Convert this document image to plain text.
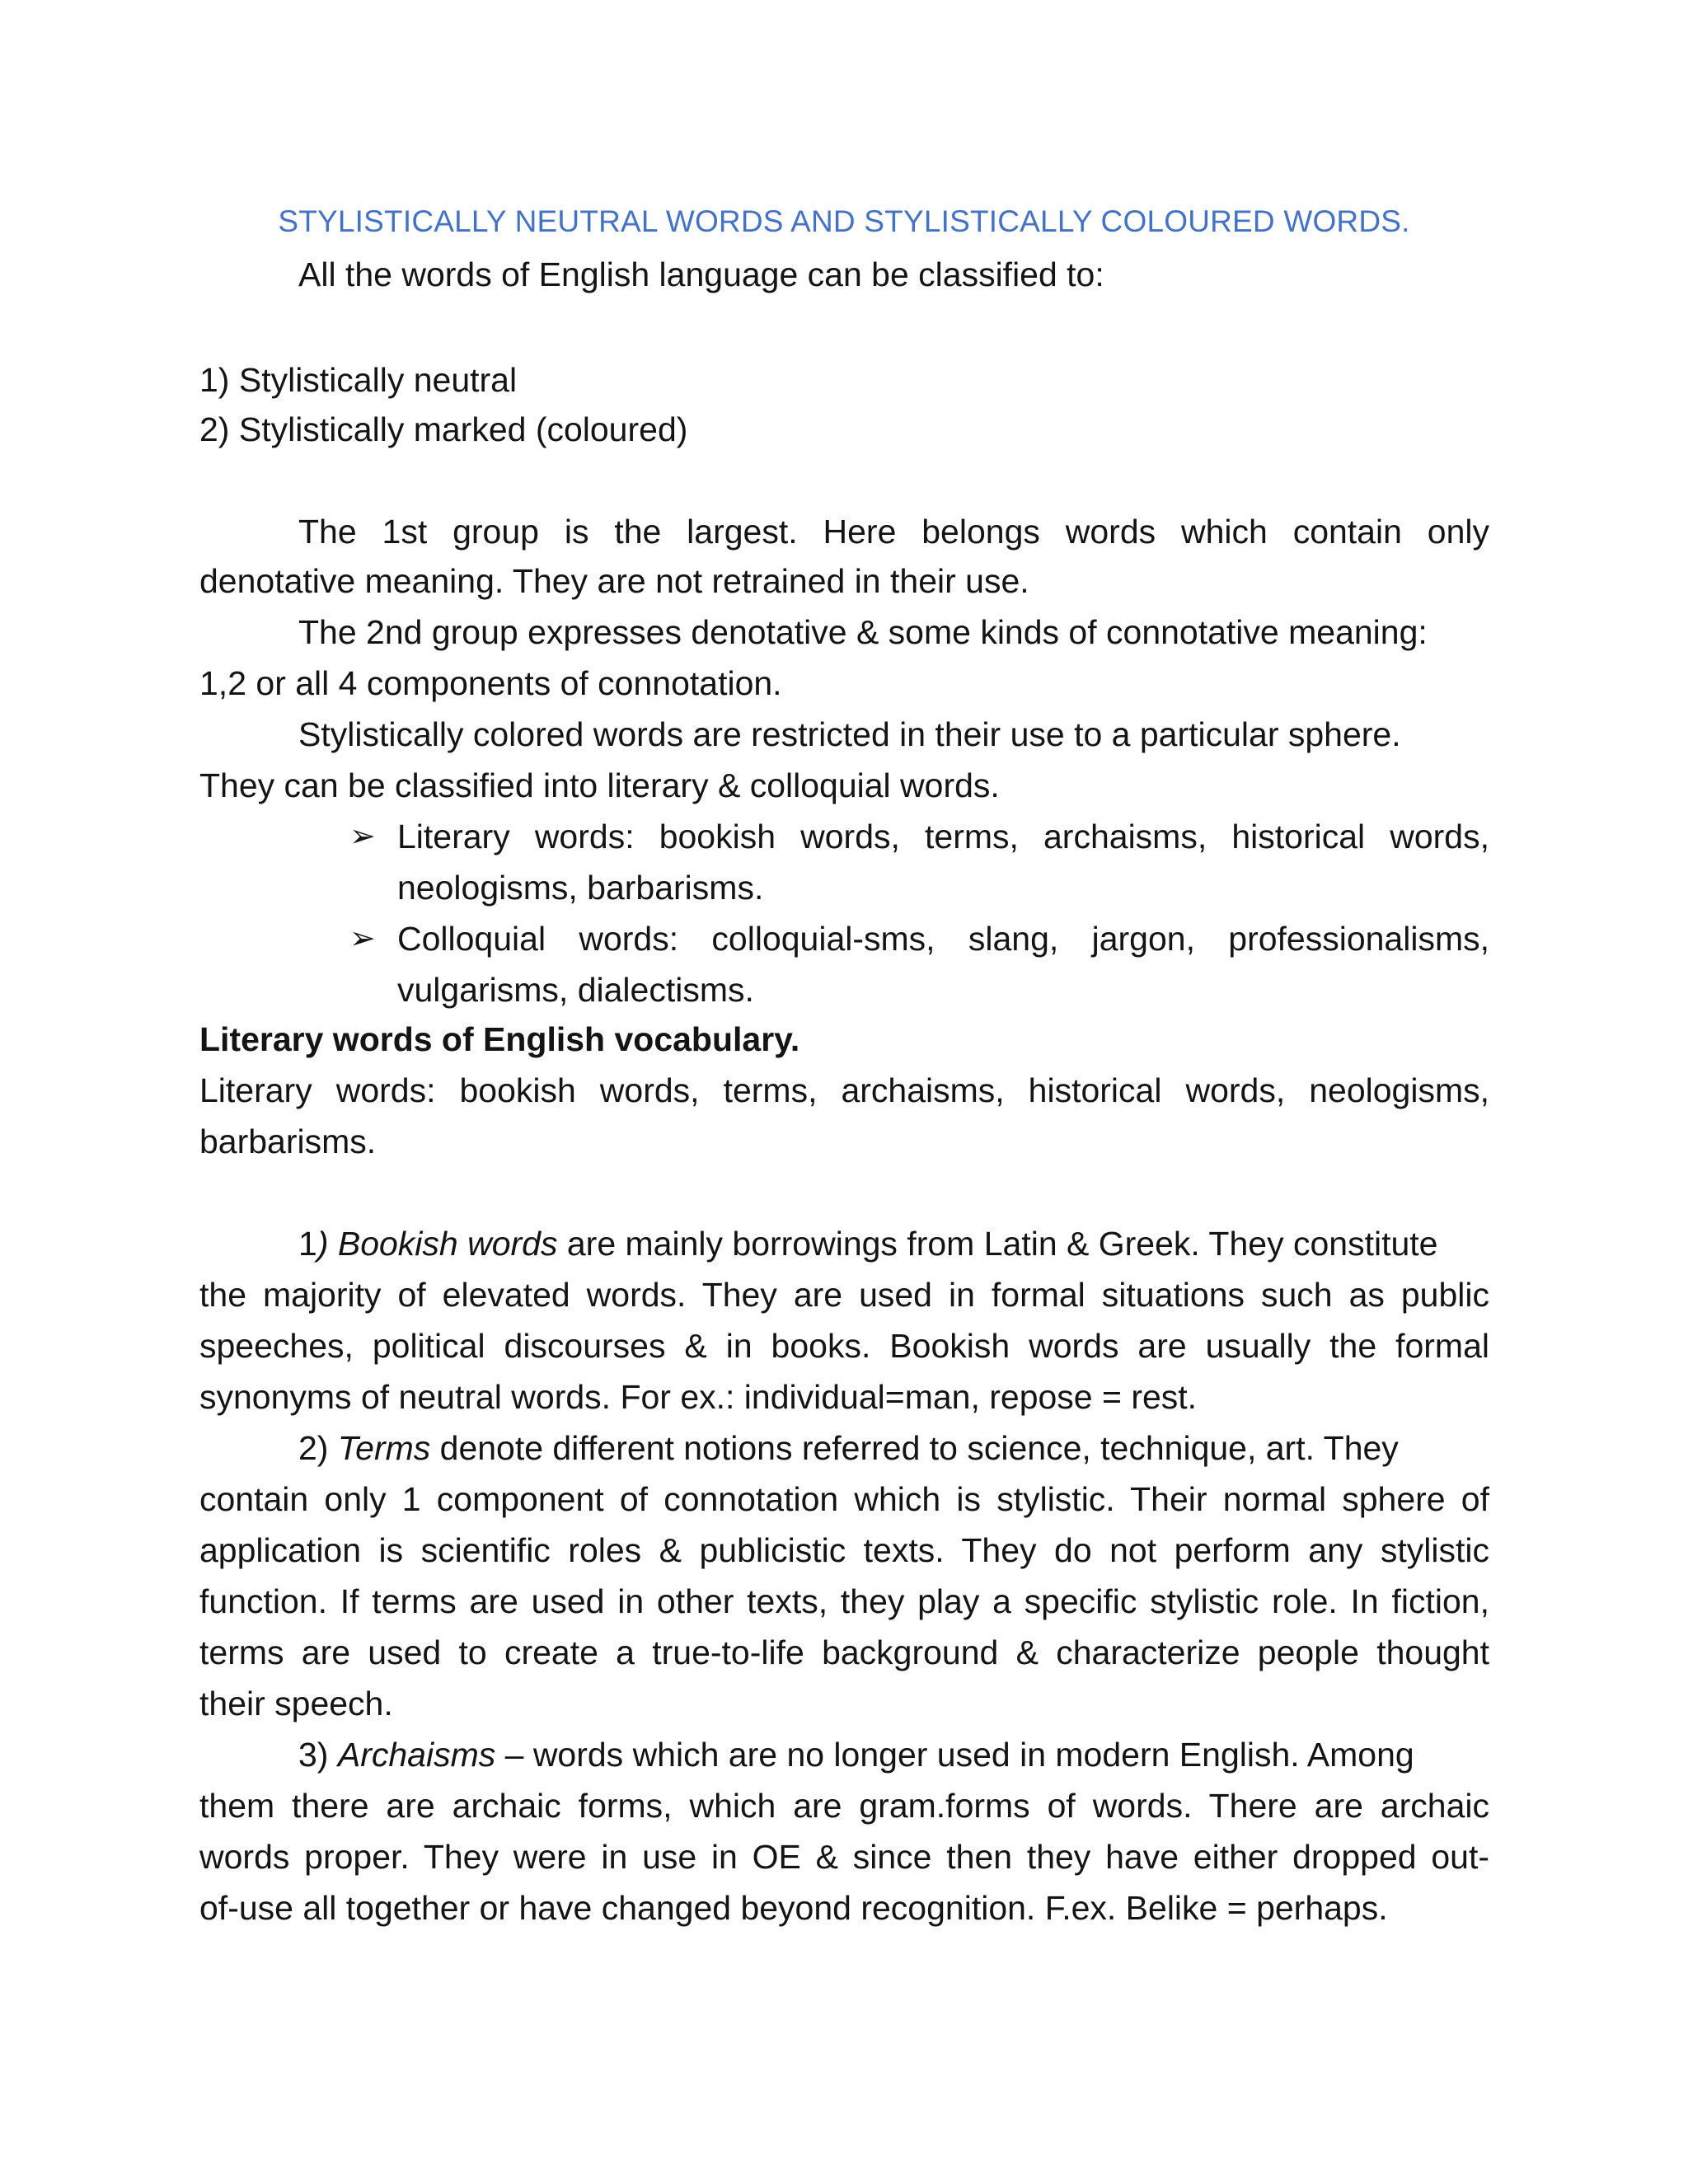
STYLISTICALLY NEUTRAL WORDS AND STYLISTICALLY COLOURED WORDS.
All the words of English language can be classified to:
1) Stylistically neutral
2) Stylistically marked (coloured)
The 1st group is the largest. Here belongs words which contain only
denotative meaning. They are not retrained in their use.
The 2nd group expresses denotative & some kinds of connotative meaning:
1,2 or all 4 components of connotation.
Stylistically colored words are restricted in their use to a particular sphere.
They can be classified into literary & colloquial words.
➢ Literary words: bookish words, terms, archaisms, historical words,
neologisms, barbarisms.
➢ Colloquial words: colloquial-sms, slang, jargon, professionalisms,
vulgarisms, dialectisms.
Literary words of English vocabulary.
Literary words: bookish words, terms, archaisms, historical words, neologisms,
barbarisms.
1) Bookish words are mainly borrowings from Latin & Greek. They constitute
the majority of elevated words. They are used in formal situations such as public
speeches, political discourses & in books. Bookish words are usually the formal
synonyms of neutral words. For ex.: individual=man, repose = rest.
2) Terms denote different notions referred to science, technique, art. They
contain only 1 component of connotation which is stylistic. Their normal sphere of
application is scientific roles & publicistic texts. They do not perform any stylistic
function. If terms are used in other texts, they play a specific stylistic role. In fiction,
terms are used to create a true-to-life background & characterize people thought
their speech.
3) Archaisms – words which are no longer used in modern English. Among
them there are archaic forms, which are gram.forms of words. There are archaic
words proper. They were in use in OE & since then they have either dropped out-
of-use all together or have changed beyond recognition. F.ex. Belike = perhaps.
